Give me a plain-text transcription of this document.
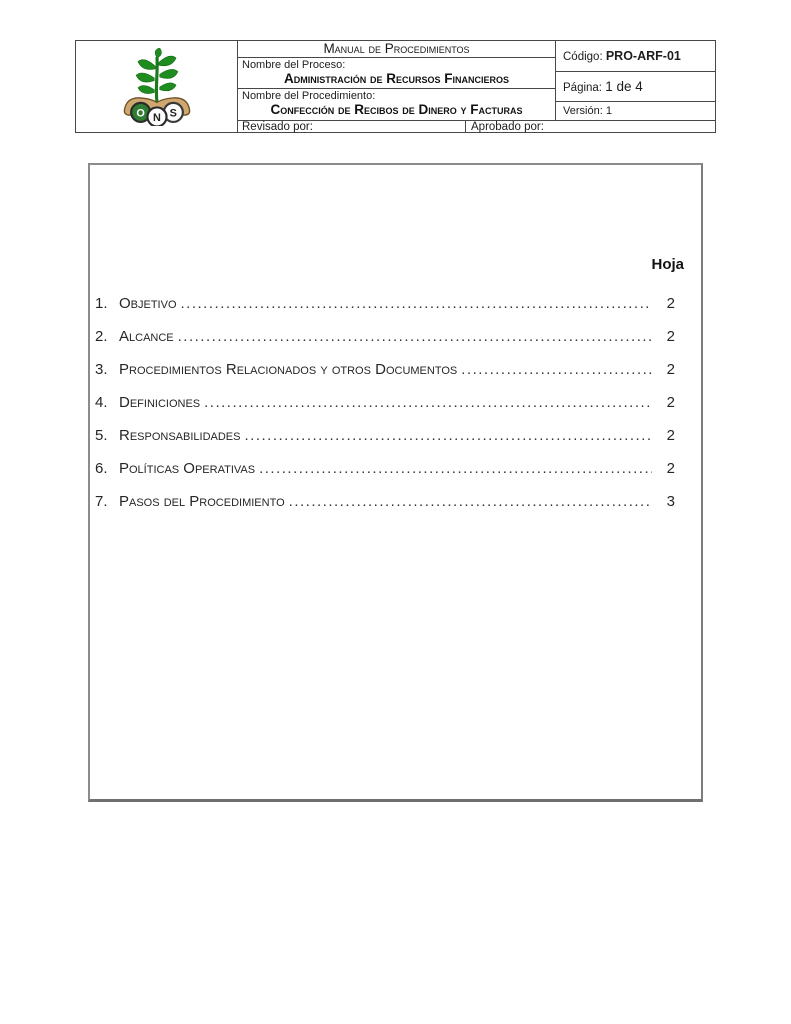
O N S
Manual de Procedimientos
Nombre del Proceso:
Administración de Recursos Financieros
Nombre del Procedimiento:
Confección de Recibos de Dinero y Facturas
Código: PRO-ARF-01
Página: 1 de 4
Versión: 1
Revisado por:	Aprobado por:
Hoja
1. Objetivo .....	2
2. Alcance .....	2
3. Procedimientos Relacionados y otros Documentos .....	2
4. Definiciones .....	2
5. Responsabilidades .....	2
6. Políticas Operativas .....	2
7. Pasos del Procedimiento .....	3
